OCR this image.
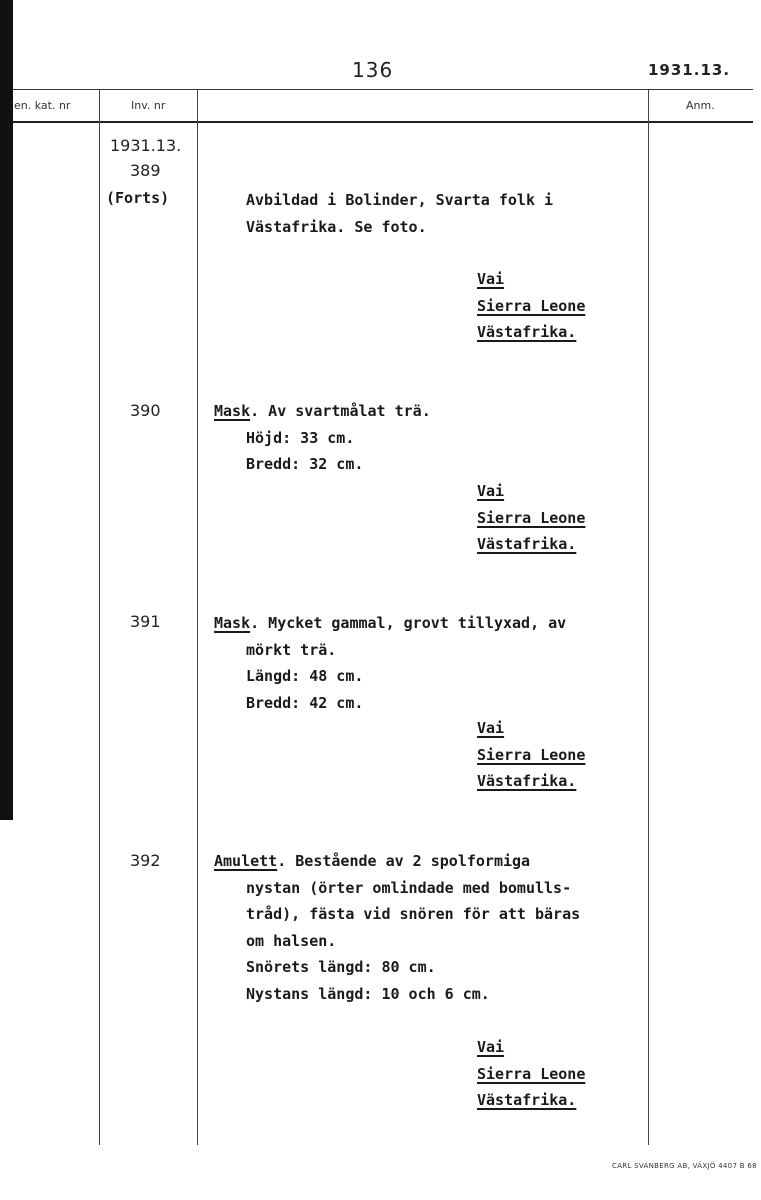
136	1931.13.
en. kat. nr	Inv. nr	Anm.
1931.13.
389
(Forts)	Avbildad i Bolinder, Svarta folk i
Västafrika. Se foto.
Vai
Sierra Leone
Västafrika.
390	Mask. Av svartmålat trä.
Höjd: 33 cm.
Bredd: 32 cm.
Vai
Sierra Leone
Västafrika.
391	Mask. Mycket gammal, grovt tillyxad, av
mörkt trä.
Längd: 48 cm.
Bredd: 42 cm.
Vai
Sierra Leone
Västafrika.
392	Amulett. Bestående av 2 spolformiga
nystan (örter omlindade med bomulls-
tråd), fästa vid snören för att bäras
om halsen.
Snörets längd: 80 cm.
Nystans längd: 10 och 6 cm.
Vai
Sierra Leone
Västafrika.
CARL SVANBERG AB, VÄXJÖ 4407 B 68
